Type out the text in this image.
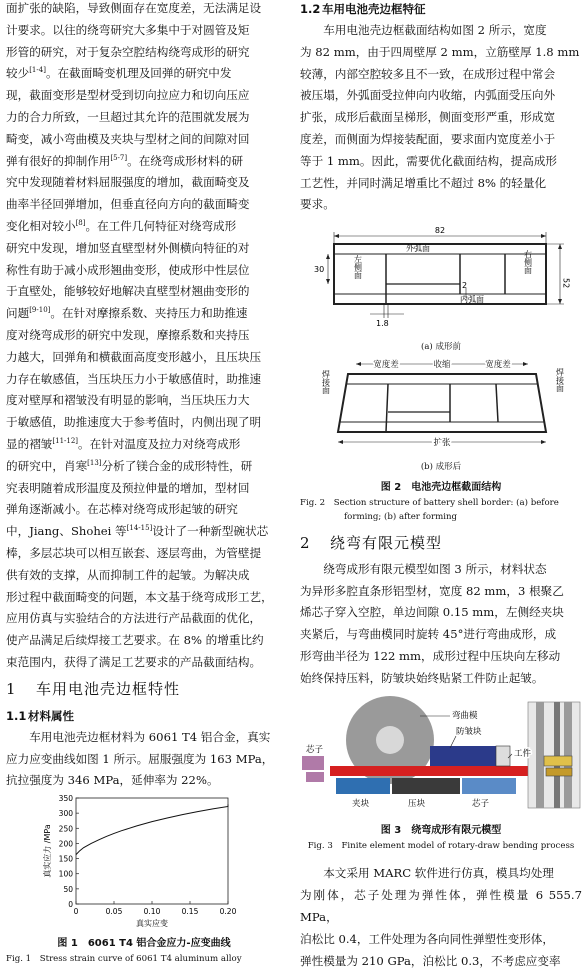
面扩张的缺陷，导致侧面存在宽度差，无法满足设

计要求。以往的绕弯研究大多集中于对圆管及矩

形管的研究，对于复杂空腔结构绕弯成形的研究

较少[1-4]。在截面畸变机理及回弹的研究中发

现，截面变形是型材受到切向拉应力和切向压应

力的合力所致，一旦超过其允许的范围就发展为

畸变，减小弯曲模及夹块与型材之间的间隙对回

弹有很好的抑制作用[5-7]。在绕弯成形材料的研

究中发现随着材料屈服强度的增加，截面畸变及

曲率半径回弹增加，但垂直径向方向的截面畸变

变化相对较小[8]。在工件几何特征对绕弯成形

研究中发现，增加竖直壁型材外侧横向特征的对

称性有助于减小成形翘曲变形，使成形中性层位

于直壁处，能够较好地解决直壁型材翘曲变形的

问题[9-10]。在针对摩擦系数、夹持压力和助推速

度对绕弯成形的研究中发现，摩擦系数和夹持压

力越大，回弹角和横截面高度变形越小，且压块压

力存在敏感值，当压块压力小于敏感值时，助推速

度对壁厚和褶皱没有明显的影响，当压块压力大

于敏感值，助推速度大于参考值时，内侧出现了明

显的褶皱[11-12]。在针对温度及拉力对绕弯成形

的研究中，肖寒[13]分析了镁合金的成形特性，研

究表明随着成形温度及预拉伸量的增加，型材回

弹角逐渐减小。在芯棒对绕弯成形起皱的研究

中，Jiang、Shohei 等[14-15]设计了一种新型碗状芯

棒，多层芯块可以相互嵌套、逐层弯曲，为管壁提

供有效的支撑，从而抑制工件的起皱。为解决成

形过程中截面畸变的问题，本文基于绕弯成形工艺，

应用仿真与实验结合的方法进行产品截面的优化，

使产品满足后续焊接工艺要求。在 8% 的增重比约

束范围内，获得了满足工艺要求的产品截面结构。

1 车用电池壳边框特性
1.1 材料属性

车用电池壳边框材料为 6061 T4 铝合金，真实

应力应变曲线如图 1 所示。屈服强度为 163 MPa，

抗拉强度为 346 MPa，延伸率为 22%。

0
50
100
150
200
250
300
350
0	0.05	0.10	0.15	0.20
真实应变
真实应力 /MPa
图 1　6061 T4 铝合金应力-应变曲线
Fig. 1　Stress strain curve of 6061 T4 aluminum alloy
1.2 车用电池壳边框特征

车用电池壳边框截面结构如图 2 所示，宽度

为 82 mm，由于四周壁厚 2 mm，立筋壁厚 1.8 mm

较薄，内部空腔较多且不一致，在成形过程中常会

被压塌，外弧面受拉伸向内收缩，内弧面受压向外

扩张，成形后截面呈梯形，侧面变形严重，形成宽

度差，而侧面为焊接装配面，要求面内宽度差小于

等于 1 mm。因此，需要优化截面结构，提高成形

工艺性，并同时满足增重比不超过 8% 的轻量化

要求。

82
外弧面
内弧面
左侧面	右侧面
30
52
1.8
2
(a) 成形前
宽度差	收缩	宽度差
焊接面	焊接面
扩张
(b) 成形后
图 2　电池壳边框截面结构
Fig. 2　Section structure of battery shell border: (a) before
forming; (b) after forming
2 绕弯有限元模型

绕弯成形有限元模型如图 3 所示，材料状态

为异形多腔直条形铝型材，宽度 82 mm，3 根聚乙

烯芯子穿入空腔，单边间隙 0.15 mm，左侧经夹块

夹紧后，与弯曲模同时旋转 45°进行弯曲成形，成

形弯曲半径为 122 mm，成形过程中压块向左移动

始终保持压料，防皱块始终贴紧工件防止起皱。

弯曲模
防皱块
芯子	工件
夹块	压块	芯子
图 3　绕弯成形有限元模型
Fig. 3　Finite element model of rotary-draw bending process

本文采用 MARC 软件进行仿真，模具均处理

为刚体，芯子处理为弹性体，弹性模量 6 555.7 MPa，

泊松比 0.4，工件处理为各向同性弹塑性变形体，

弹性模量为 210 GPa，泊松比 0.3，不考虑应变率
